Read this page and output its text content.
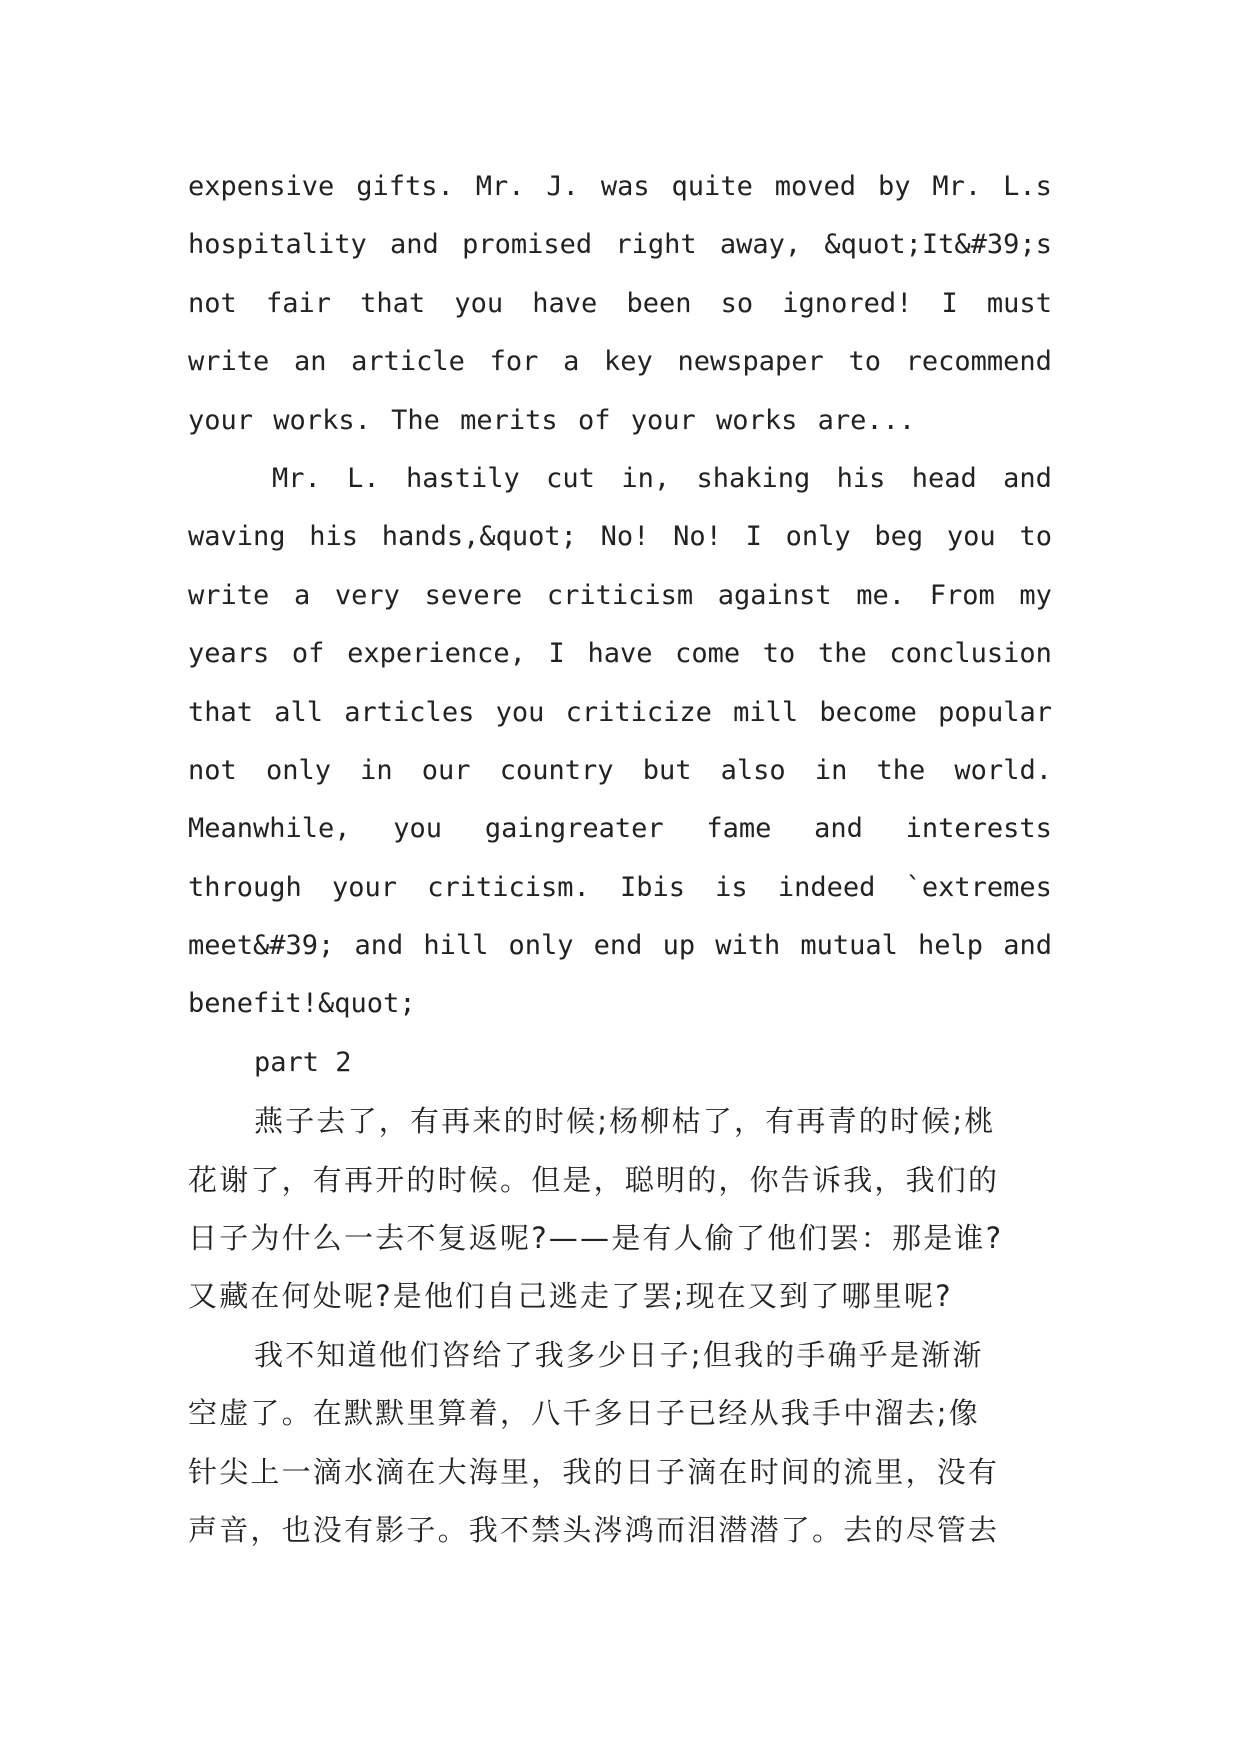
expensive gifts. Mr. J. was quite moved by Mr. L.s
hospitality and promised right away, &quot;It&#39;s
not fair that you have been so ignored! I must
write an article for a key newspaper to recommend
your
works.
The
merits
of
your
works
are...

Mr. L. hastily cut in, shaking his head and
waving his hands,&quot; No! No! I only beg you to
write a very severe criticism against me. From my
years of experience, I have come to the conclusion
that all articles you criticize mill become popular
not only in our country but also in the world.
Meanwhile, you gaingreater fame and interests
through your criticism. Ibis is indeed `extremes
meet&#39; and hill only end up with mutual help and
benefit!&quot;

part 2
燕子去了，有再来的时候;杨柳枯了，有再青的时候;桃
花谢了，有再开的时候。但是，聪明的，你告诉我，我们的
日子为什么一去不复返呢?——是有人偷了他们罢：那是谁?
又藏在何处呢?是他们自己逃走了罢;现在又到了哪里呢?
我不知道他们咨给了我多少日子;但我的手确乎是渐渐
空虚了。在默默里算着，八千多日子已经从我手中溜去;像
针尖上一滴水滴在大海里，我的日子滴在时间的流里，没有
声音，也没有影子。我不禁头涔鸿而泪潜潜了。去的尽管去
